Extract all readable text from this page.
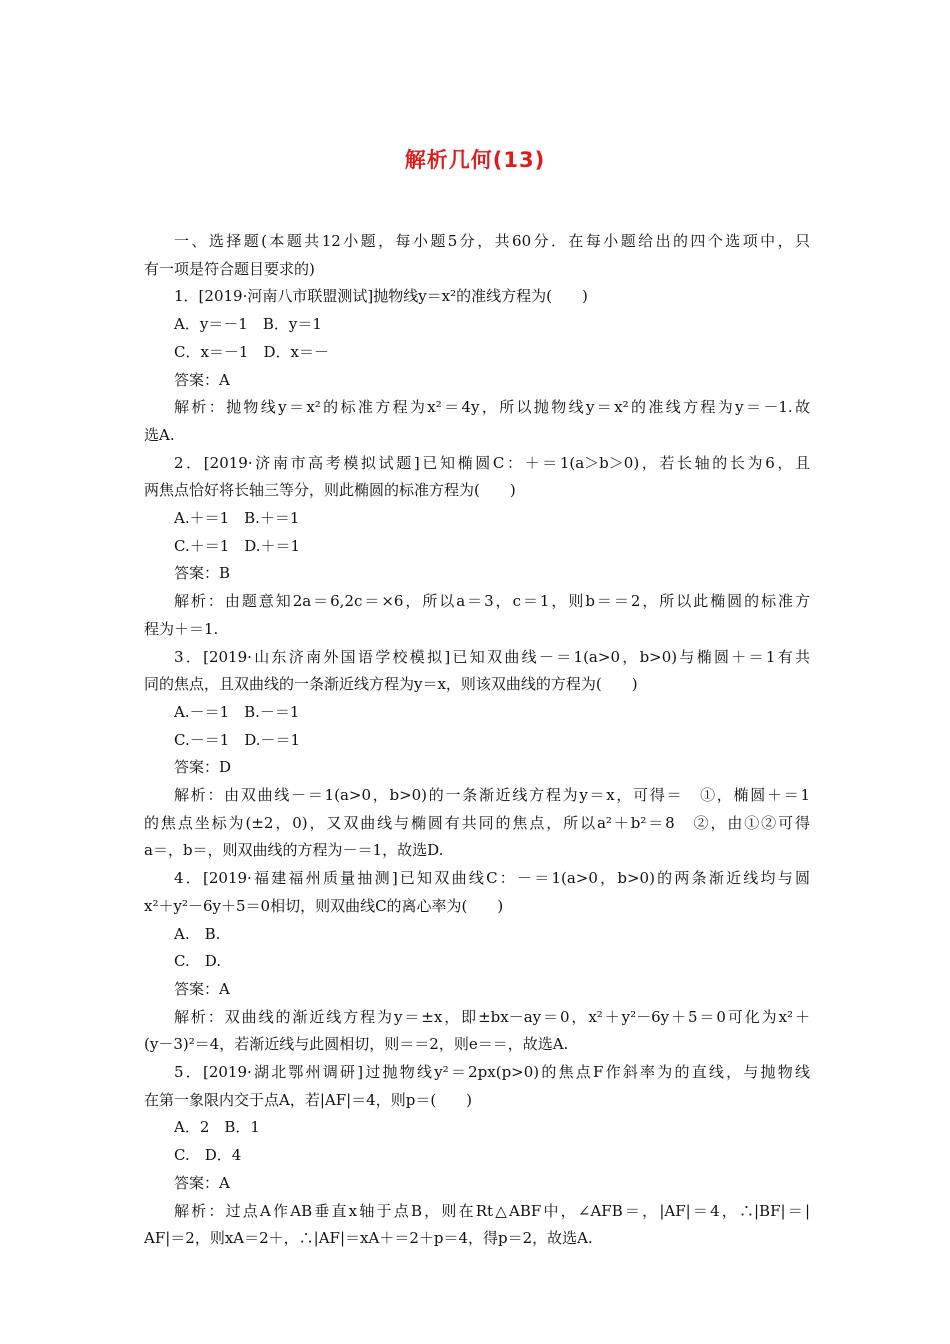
解析几何(13)
一、选择题(本题共12小题，每小题5分，共60分．在每小题给出的四个选项中，只
有一项是符合题目要求的)
1．[2019·河南八市联盟测试]抛物线y＝x²的准线方程为(　　)
A．y＝－1　B．y＝1
C．x＝－1　D．x＝－
答案：A
解析：抛物线y＝x²的标准方程为x²＝4y，所以抛物线y＝x²的准线方程为y＝－1.故
选A.
2．[2019·济南市高考模拟试题]已知椭圆C：＋＝1(a＞b＞0)，若长轴的长为6，且
两焦点恰好将长轴三等分，则此椭圆的标准方程为(　　)
A.＋＝1　B.＋＝1
C.＋＝1　D.＋＝1
答案：B
解析：由题意知2a＝6,2c＝×6，所以a＝3，c＝1，则b＝＝2，所以此椭圆的标准方
程为＋＝1.
3．[2019·山东济南外国语学校模拟]已知双曲线－＝1(a>0，b>0)与椭圆＋＝1有共
同的焦点，且双曲线的一条渐近线方程为y＝x，则该双曲线的方程为(　　)
A.－＝1　B.－＝1
C.－＝1　D.－＝1
答案：D
解析：由双曲线－＝1(a>0，b>0)的一条渐近线方程为y＝x，可得＝　①，椭圆＋＝1
的焦点坐标为(±2，0)，又双曲线与椭圆有共同的焦点，所以a²＋b²＝8　②，由①②可得
a＝，b＝，则双曲线的方程为－＝1，故选D.
4．[2019·福建福州质量抽测]已知双曲线C：－＝1(a>0，b>0)的两条渐近线均与圆
x²＋y²－6y＋5＝0相切，则双曲线C的离心率为(　　)
A.　B.
C.　D.
答案：A
解析：双曲线的渐近线方程为y＝±x，即±bx－ay＝0，x²＋y²－6y＋5＝0可化为x²＋
(y－3)²＝4，若渐近线与此圆相切，则＝＝2，则e＝＝，故选A.
5．[2019·湖北鄂州调研]过抛物线y²＝2px(p>0)的焦点F作斜率为的直线，与抛物线
在第一象限内交于点A，若|AF|＝4，则p＝(　　)
A．2　B．1
C.　D．4
答案：A
解析：过点A作AB垂直x轴于点B，则在Rt△ABF中，∠AFB＝，|AF|＝4，∴|BF|＝|
AF|＝2，则xA＝2＋，∴|AF|＝xA＋＝2＋p＝4，得p＝2，故选A.
